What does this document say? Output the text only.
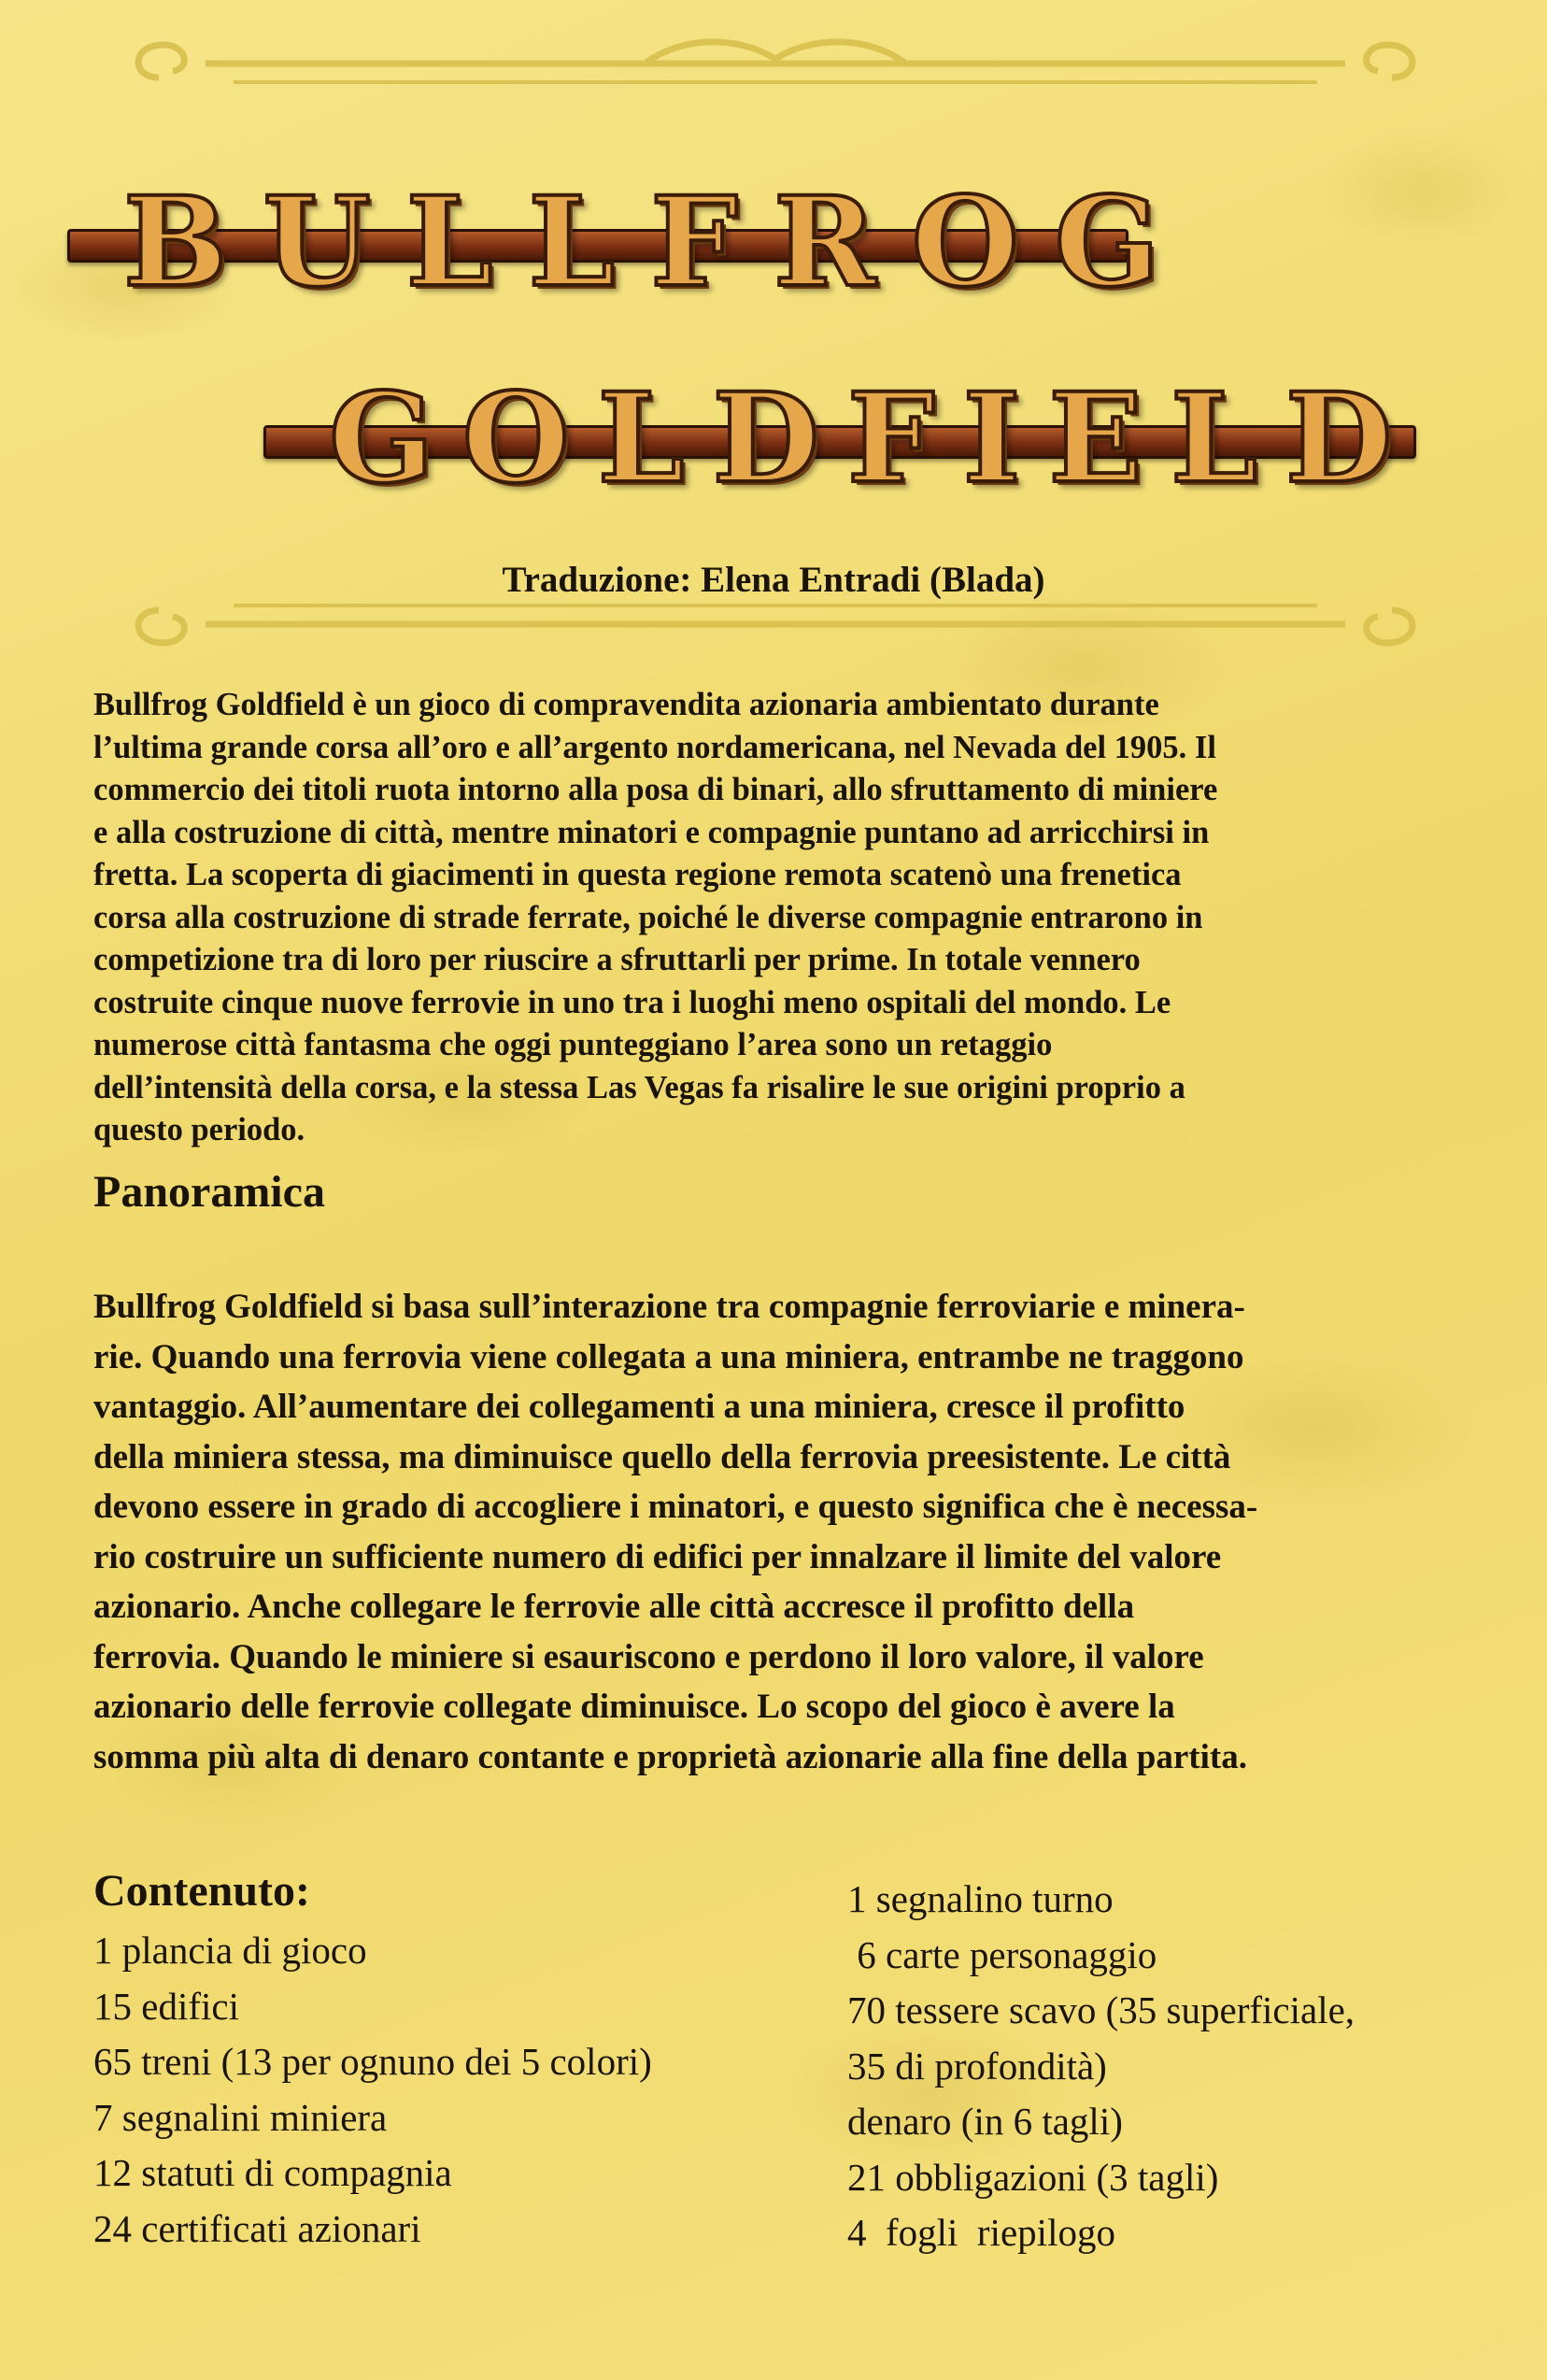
BULLFROG
GOLDFIELD
Traduzione: Elena Entradi (Blada)
Bullfrog Goldfield è un gioco di compravendita azionaria ambientato durante
l’ultima grande corsa all’oro e all’argento nordamericana, nel Nevada del 1905. Il
commercio dei titoli ruota intorno alla posa di binari, allo sfruttamento di miniere
e alla costruzione di città, mentre minatori e compagnie puntano ad arricchirsi in
fretta. La scoperta di giacimenti in questa regione remota scatenò una frenetica
corsa alla costruzione di strade ferrate, poiché le diverse compagnie entrarono in
competizione tra di loro per riuscire a sfruttarli per prime. In totale vennero
costruite cinque nuove ferrovie in uno tra i luoghi meno ospitali del mondo. Le
numerose città fantasma che oggi punteggiano l’area sono un retaggio
dell’intensità della corsa, e la stessa Las Vegas fa risalire le sue origini proprio a
questo periodo.
Panoramica
Bullfrog Goldfield si basa sull’interazione tra compagnie ferroviarie e minera-
rie. Quando una ferrovia viene collegata a una miniera, entrambe ne traggono
vantaggio. All’aumentare dei collegamenti a una miniera, cresce il profitto
della miniera stessa, ma diminuisce quello della ferrovia preesistente. Le città
devono essere in grado di accogliere i minatori, e questo significa che è necessa-
rio costruire un sufficiente numero di edifici per innalzare il limite del valore
azionario. Anche collegare le ferrovie alle città accresce il profitto della
ferrovia. Quando le miniere si esauriscono e perdono il loro valore, il valore
azionario delle ferrovie collegate diminuisce. Lo scopo del gioco è avere la
somma più alta di denaro contante e proprietà azionarie alla fine della partita.
Contenuto:
1 plancia di gioco
15 edifici
65 treni (13 per ognuno dei 5 colori)
7 segnalini miniera
12 statuti di compagnia
24 certificati azionari
1 segnalino turno
6 carte personaggio
70 tessere scavo (35 superficiale,
35 di profondità)
denaro (in 6 tagli)
21 obbligazioni (3 tagli)
4  fogli  riepilogo
